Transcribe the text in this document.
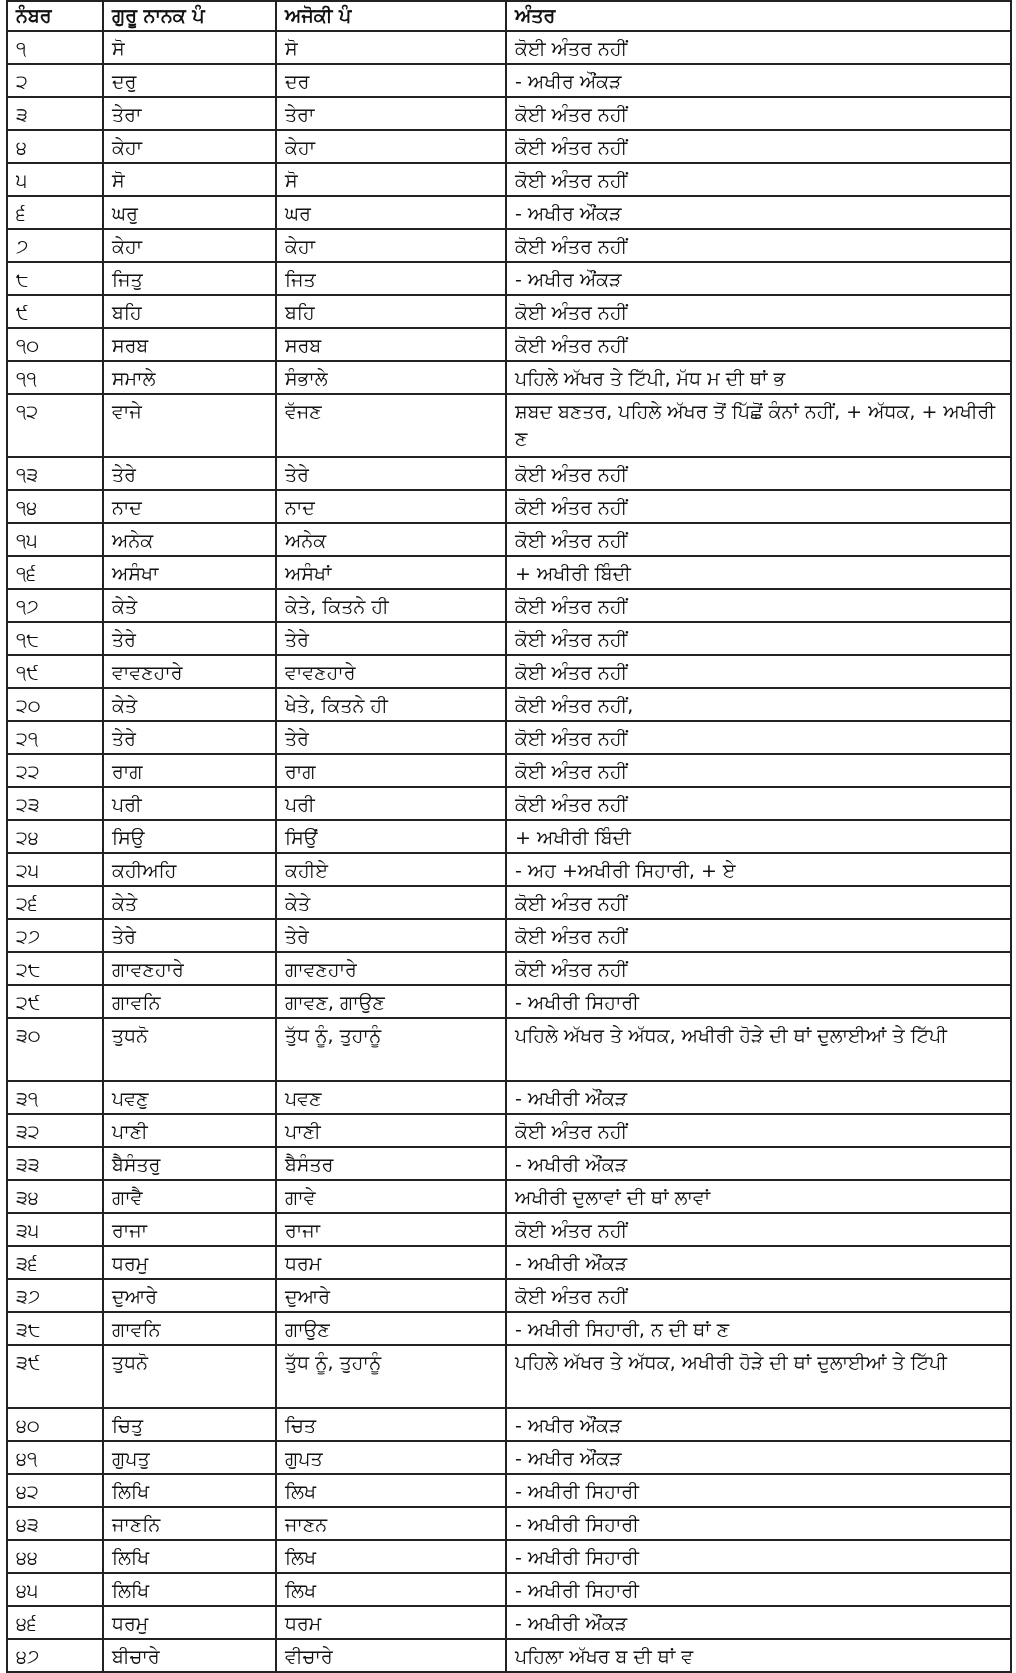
ਨੰਬਰ	ਗੁਰੂ ਨਾਨਕ ਪੰ	ਅਜੋਕੀ ਪੰ	ਅੰਤਰ
੧	ਸੋ	ਸੋ	ਕੋਈ ਅੰਤਰ ਨਹੀਂ
੨	ਦਰੁ	ਦਰ	- ਅਖੀਰ ਔਂਕੜ
੩	ਤੇਰਾ	ਤੇਰਾ	ਕੋਈ ਅੰਤਰ ਨਹੀਂ
੪	ਕੇਹਾ	ਕੇਹਾ	ਕੋਈ ਅੰਤਰ ਨਹੀਂ
੫	ਸੋ	ਸੋ	ਕੋਈ ਅੰਤਰ ਨਹੀਂ
੬	ਘਰੁ	ਘਰ	- ਅਖੀਰ ਔਂਕੜ
੭	ਕੇਹਾ	ਕੇਹਾ	ਕੋਈ ਅੰਤਰ ਨਹੀਂ
੮	ਜਿਤੁ	ਜਿਤ	- ਅਖੀਰ ਔਂਕੜ
੯	ਬਹਿ	ਬਹਿ	ਕੋਈ ਅੰਤਰ ਨਹੀਂ
੧੦	ਸਰਬ	ਸਰਬ	ਕੋਈ ਅੰਤਰ ਨਹੀਂ
੧੧	ਸਮਾਲੇ	ਸੰਭਾਲੇ	ਪਹਿਲੇ ਅੱਖਰ ਤੇ ਟਿੱਪੀ, ਮੱਧ ਮ ਦੀ ਥਾਂ ਭ
੧੨	ਵਾਜੇ	ਵੱਜਣ	ਸ਼ਬਦ ਬਣਤਰ, ਪਹਿਲੇ ਅੱਖਰ ਤੋਂ ਪਿੱਛੋਂ ਕੰਨਾਂ ਨਹੀਂ, + ਅੱਧਕ, + ਅਖੀਰੀ ਣ
੧੩	ਤੇਰੇ	ਤੇਰੇ	ਕੋਈ ਅੰਤਰ ਨਹੀਂ
੧੪	ਨਾਦ	ਨਾਦ	ਕੋਈ ਅੰਤਰ ਨਹੀਂ
੧੫	ਅਨੇਕ	ਅਨੇਕ	ਕੋਈ ਅੰਤਰ ਨਹੀਂ
੧੬	ਅਸੰਖਾ	ਅਸੰਖਾਂ	+ ਅਖੀਰੀ ਬਿੰਦੀ
੧੭	ਕੇਤੇ	ਕੇਤੇ, ਕਿਤਨੇ ਹੀ	ਕੋਈ ਅੰਤਰ ਨਹੀਂ
੧੮	ਤੇਰੇ	ਤੇਰੇ	ਕੋਈ ਅੰਤਰ ਨਹੀਂ
੧੯	ਵਾਵਣਹਾਰੇ	ਵਾਵਣਹਾਰੇ	ਕੋਈ ਅੰਤਰ ਨਹੀਂ
੨੦	ਕੇਤੇ	ਖੇਤੇ, ਕਿਤਨੇ ਹੀ	ਕੋਈ ਅੰਤਰ ਨਹੀਂ,
੨੧	ਤੇਰੇ	ਤੇਰੇ	ਕੋਈ ਅੰਤਰ ਨਹੀਂ
੨੨	ਰਾਗ	ਰਾਗ	ਕੋਈ ਅੰਤਰ ਨਹੀਂ
੨੩	ਪਰੀ	ਪਰੀ	ਕੋਈ ਅੰਤਰ ਨਹੀਂ
੨੪	ਸਿਉ	ਸਿਉਂ	+ ਅਖੀਰੀ ਬਿੰਦੀ
੨੫	ਕਹੀਅਹਿ	ਕਹੀਏ	- ਅਹ +ਅਖੀਰੀ ਸਿਹਾਰੀ, + ਏ
੨੬	ਕੇਤੇ	ਕੇਤੇ	ਕੋਈ ਅੰਤਰ ਨਹੀਂ
੨੭	ਤੇਰੇ	ਤੇਰੇ	ਕੋਈ ਅੰਤਰ ਨਹੀਂ
੨੮	ਗਾਵਣਹਾਰੇ	ਗਾਵਣਹਾਰੇ	ਕੋਈ ਅੰਤਰ ਨਹੀਂ
੨੯	ਗਾਵਨਿ	ਗਾਵਣ, ਗਾਉਣ	- ਅਖੀਰੀ ਸਿਹਾਰੀ
੩੦	ਤੁਧਨੋ	ਤੁੱਧ ਨੂੰ, ਤੁਹਾਨੂੰ	ਪਹਿਲੇ ਅੱਖਰ ਤੇ ਅੱਧਕ, ਅਖੀਰੀ ਹੋੜੇ ਦੀ ਥਾਂ ਦੁਲਾਈਆਂ ਤੇ ਟਿੱਪੀ
੩੧	ਪਵਣੁ	ਪਵਣ	- ਅਖੀਰੀ ਔਂਕੜ
੩੨	ਪਾਣੀ	ਪਾਣੀ	ਕੋਈ ਅੰਤਰ ਨਹੀਂ
੩੩	ਬੈਸੰਤਰੁ	ਬੈਸੰਤਰ	- ਅਖੀਰੀ ਔਂਕੜ
੩੪	ਗਾਵੈ	ਗਾਵੇ	ਅਖੀਰੀ ਦੁਲਾਵਾਂ ਦੀ ਥਾਂ ਲਾਵਾਂ
੩੫	ਰਾਜਾ	ਰਾਜਾ	ਕੋਈ ਅੰਤਰ ਨਹੀਂ
੩੬	ਧਰਮੁ	ਧਰਮ	- ਅਖੀਰੀ ਔਂਕੜ
੩੭	ਦੁਆਰੇ	ਦੁਆਰੇ	ਕੋਈ ਅੰਤਰ ਨਹੀਂ
੩੮	ਗਾਵਨਿ	ਗਾਉਣ	- ਅਖੀਰੀ ਸਿਹਾਰੀ, ਨ ਦੀ ਥਾਂ ਣ
੩੯	ਤੁਧਨੋ	ਤੁੱਧ ਨੂੰ, ਤੁਹਾਨੂੰ	ਪਹਿਲੇ ਅੱਖਰ ਤੇ ਅੱਧਕ, ਅਖੀਰੀ ਹੋੜੇ ਦੀ ਥਾਂ ਦੁਲਾਈਆਂ ਤੇ ਟਿੱਪੀ
੪੦	ਚਿਤੁ	ਚਿਤ	- ਅਖੀਰ ਔਂਕੜ
੪੧	ਗੁਪਤੁ	ਗੁਪਤ	- ਅਖੀਰ ਔਂਕੜ
੪੨	ਲਿਖਿ	ਲਿਖ	- ਅਖੀਰੀ ਸਿਹਾਰੀ
੪੩	ਜਾਣਨਿ	ਜਾਣਨ	- ਅਖੀਰੀ ਸਿਹਾਰੀ
੪੪	ਲਿਖਿ	ਲਿਖ	- ਅਖੀਰੀ ਸਿਹਾਰੀ
੪੫	ਲਿਖਿ	ਲਿਖ	- ਅਖੀਰੀ ਸਿਹਾਰੀ
੪੬	ਧਰਮੁ	ਧਰਮ	- ਅਖੀਰੀ ਔਂਕੜ
੪੭	ਬੀਚਾਰੇ	ਵੀਚਾਰੇ	ਪਹਿਲਾ ਅੱਖਰ ਬ ਦੀ ਥਾਂ ਵ
